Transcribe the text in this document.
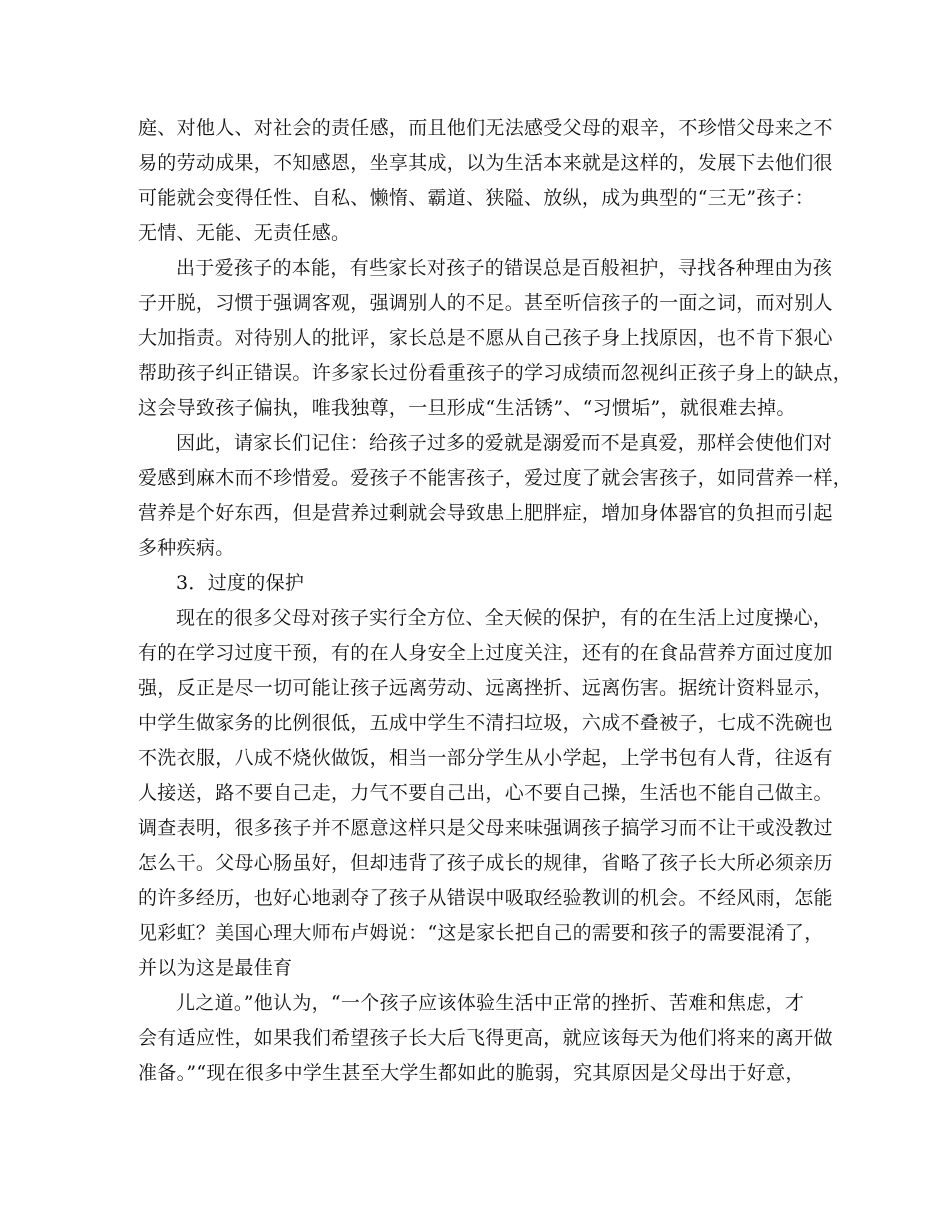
庭、对他人、对社会的责任感，而且他们无法感受父母的艰辛，不珍惜父母来之不
易的劳动成果，不知感恩，坐享其成，以为生活本来就是这样的，发展下去他们很
可能就会变得任性、自私、懒惰、霸道、狭隘、放纵，成为典型的“三无”孩子：
无情、无能、无责任感。
出于爱孩子的本能，有些家长对孩子的错误总是百般袒护，寻找各种理由为孩
子开脱，习惯于强调客观，强调别人的不足。甚至听信孩子的一面之词，而对别人
大加指责。对待别人的批评，家长总是不愿从自己孩子身上找原因，也不肯下狠心
帮助孩子纠正错误。许多家长过份看重孩子的学习成绩而忽视纠正孩子身上的缺点，
这会导致孩子偏执，唯我独尊，一旦形成“生活锈”、“习惯垢”，就很难去掉。
因此，请家长们记住：给孩子过多的爱就是溺爱而不是真爱，那样会使他们对
爱感到麻木而不珍惜爱。爱孩子不能害孩子，爱过度了就会害孩子，如同营养一样，
营养是个好东西，但是营养过剩就会导致患上肥胖症，增加身体器官的负担而引起
多种疾病。
3．过度的保护
现在的很多父母对孩子实行全方位、全天候的保护，有的在生活上过度操心，
有的在学习过度干预，有的在人身安全上过度关注，还有的在食品营养方面过度加
强，反正是尽一切可能让孩子远离劳动、远离挫折、远离伤害。据统计资料显示，
中学生做家务的比例很低，五成中学生不清扫垃圾，六成不叠被子，七成不洗碗也
不洗衣服，八成不烧伙做饭，相当一部分学生从小学起，上学书包有人背，往返有
人接送，路不要自己走，力气不要自己出，心不要自己操，生活也不能自己做主。
调查表明，很多孩子并不愿意这样只是父母来味强调孩子搞学习而不让干或没教过
怎么干。父母心肠虽好，但却违背了孩子成长的规律，省略了孩子长大所必须亲历
的许多经历，也好心地剥夺了孩子从错误中吸取经验教训的机会。不经风雨，怎能
见彩虹？美国心理大师布卢姆说：“这是家长把自己的需要和孩子的需要混淆了，
并以为这是最佳育
儿之道。”他认为，“一个孩子应该体验生活中正常的挫折、苦难和焦虑，才
会有适应性，如果我们希望孩子长大后飞得更高，就应该每天为他们将来的离开做
准备。”“现在很多中学生甚至大学生都如此的脆弱，究其原因是父母出于好意，
